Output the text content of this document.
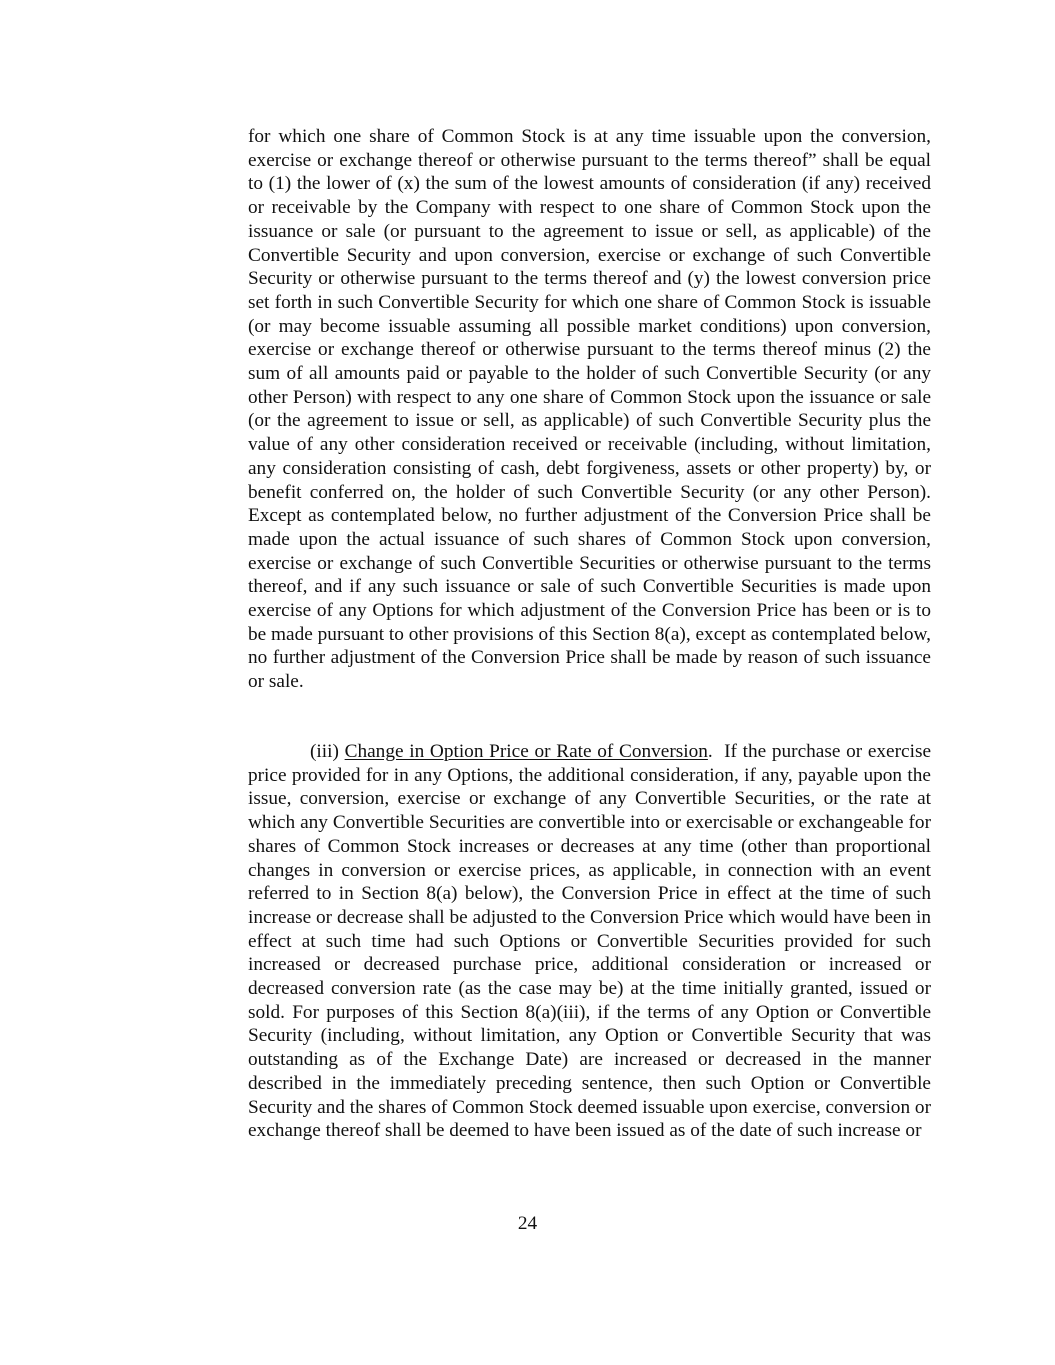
for which one share of Common Stock is at any time issuable upon the conversion, exercise or exchange thereof or otherwise pursuant to the terms thereof” shall be equal to (1) the lower of (x) the sum of the lowest amounts of consideration (if any) received or receivable by the Company with respect to one share of Common Stock upon the issuance or sale (or pursuant to the agreement to issue or sell, as applicable) of the Convertible Security and upon conversion, exercise or exchange of such Convertible Security or otherwise pursuant to the terms thereof and (y) the lowest conversion price set forth in such Convertible Security for which one share of Common Stock is issuable (or may become issuable assuming all possible market conditions) upon conversion, exercise or exchange thereof or otherwise pursuant to the terms thereof minus (2) the sum of all amounts paid or payable to the holder of such Convertible Security (or any other Person) with respect to any one share of Common Stock upon the issuance or sale (or the agreement to issue or sell, as applicable) of such Convertible Security plus the value of any other consideration received or receivable (including, without limitation, any consideration consisting of cash, debt forgiveness, assets or other property) by, or benefit conferred on, the holder of such Convertible Security (or any other Person). Except as contemplated below, no further adjustment of the Conversion Price shall be made upon the actual issuance of such shares of Common Stock upon conversion, exercise or exchange of such Convertible Securities or otherwise pursuant to the terms thereof, and if any such issuance or sale of such Convertible Securities is made upon exercise of any Options for which adjustment of the Conversion Price has been or is to be made pursuant to other provisions of this Section 8(a), except as contemplated below, no further adjustment of the Conversion Price shall be made by reason of such issuance or sale.

(iii) Change in Option Price or Rate of Conversion. If the purchase or exercise price provided for in any Options, the additional consideration, if any, payable upon the issue, conversion, exercise or exchange of any Convertible Securities, or the rate at which any Convertible Securities are convertible into or exercisable or exchangeable for shares of Common Stock increases or decreases at any time (other than proportional changes in conversion or exercise prices, as applicable, in connection with an event referred to in Section 8(a) below), the Conversion Price in effect at the time of such increase or decrease shall be adjusted to the Conversion Price which would have been in effect at such time had such Options or Convertible Securities provided for such increased or decreased purchase price, additional consideration or increased or decreased conversion rate (as the case may be) at the time initially granted, issued or sold. For purposes of this Section 8(a)(iii), if the terms of any Option or Convertible Security (including, without limitation, any Option or Convertible Security that was outstanding as of the Exchange Date) are increased or decreased in the manner described in the immediately preceding sentence, then such Option or Convertible Security and the shares of Common Stock deemed issuable upon exercise, conversion or exchange thereof shall be deemed to have been issued as of the date of such increase or

24
